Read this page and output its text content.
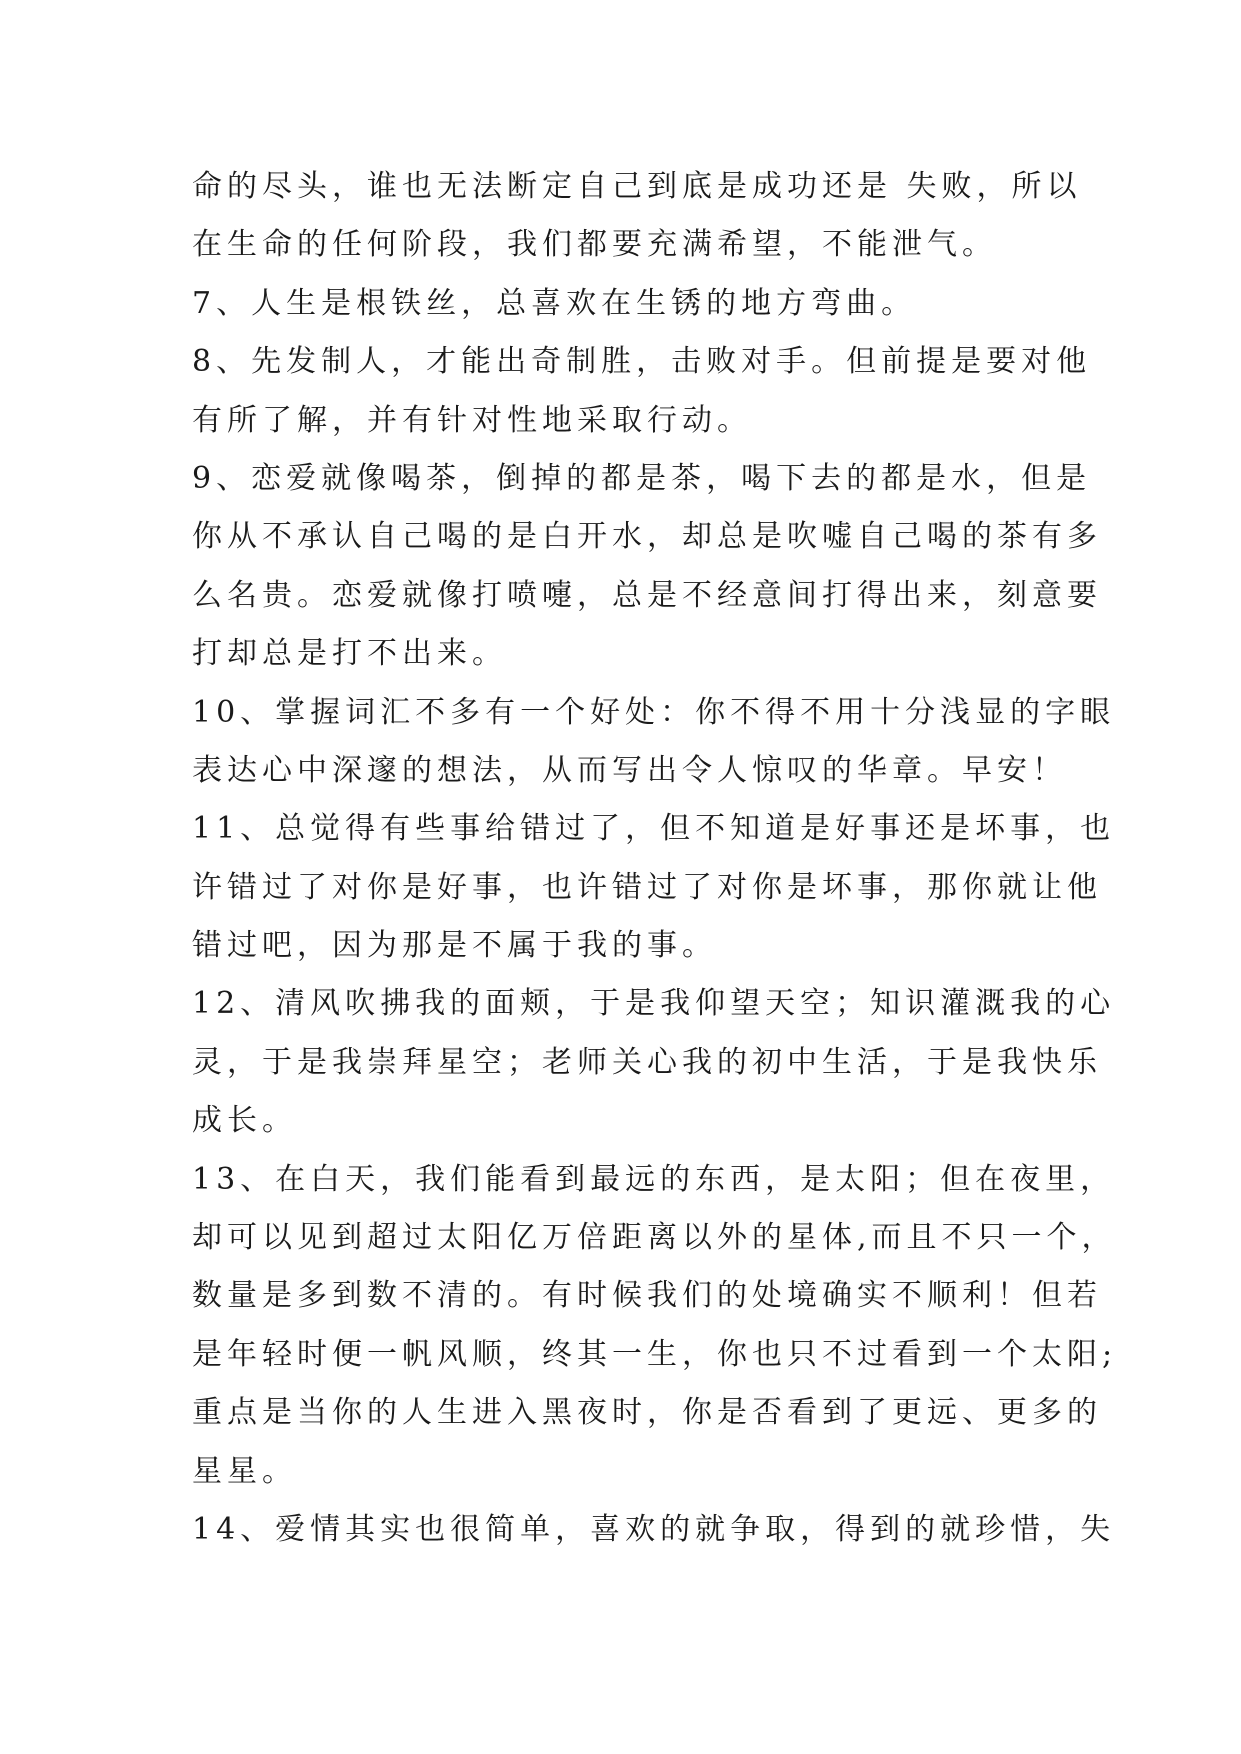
命的尽头，谁也无法断定自己到底是成功还是 失败，所以
在生命的任何阶段，我们都要充满希望，不能泄气。
7、人生是根铁丝，总喜欢在生锈的地方弯曲。
8、先发制人，才能出奇制胜，击败对手。但前提是要对他
有所了解，并有针对性地采取行动。
9、恋爱就像喝茶，倒掉的都是茶，喝下去的都是水，但是
你从不承认自己喝的是白开水，却总是吹嘘自己喝的茶有多
么名贵。恋爱就像打喷嚏，总是不经意间打得出来，刻意要
打却总是打不出来。
10、掌握词汇不多有一个好处：你不得不用十分浅显的字眼
表达心中深邃的想法，从而写出令人惊叹的华章。早安！
11、总觉得有些事给错过了，但不知道是好事还是坏事，也
许错过了对你是好事，也许错过了对你是坏事，那你就让他
错过吧，因为那是不属于我的事。
12、清风吹拂我的面颊，于是我仰望天空；知识灌溉我的心
灵，于是我崇拜星空；老师关心我的初中生活，于是我快乐
成长。
13、在白天，我们能看到最远的东西，是太阳；但在夜里，
却可以见到超过太阳亿万倍距离以外的星体,而且不只一个，
数量是多到数不清的。有时候我们的处境确实不顺利！但若
是年轻时便一帆风顺，终其一生，你也只不过看到一个太阳;
重点是当你的人生进入黑夜时，你是否看到了更远、更多的
星星。
14、爱情其实也很简单，喜欢的就争取，得到的就珍惜，失
